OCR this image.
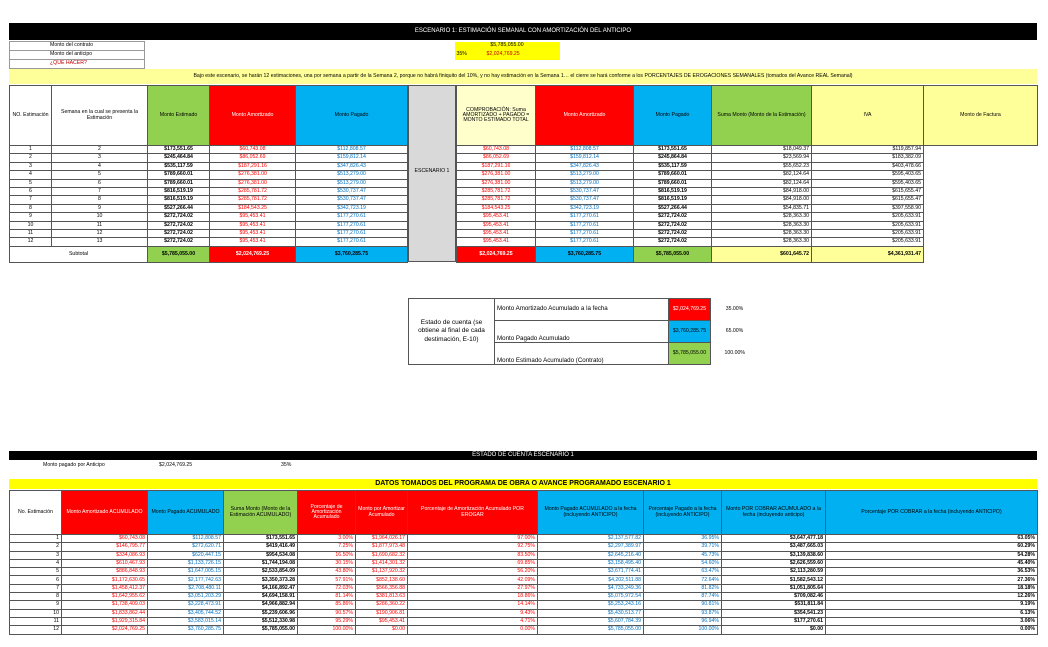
ESCENARIO 1: ESTIMACIÓN SEMANAL CON AMORTIZACIÓN DEL ANTICIPO
Monto del contrato		$5,785,055.00		
Monto del anticipo		35%	$2,024,769.25	
¿QUE HACER?				
Bajo este escenario, se harán 12 estimaciones, una por semana a partir de la Semana 2, porque no habrá finiquito del 10%, y no hay estimación en la Semana 1… el cierre se hará conforme a los PORCENTAJES DE EROGACIONES SEMANALES (tomados del Avance REAL Semanal)
NO. Estimación	Semana en la cual se presenta la Estimación	Monto Estimado	Monto Amortizado	Monto Pagado
1	2	$173,551.65	$60,743.08	$112,808.57
2	3	$245,464.84	$86,052.69	$159,812.14
3	4	$535,117.59	$187,291.16	$347,826.43
4	5	$789,660.01	$276,381.00	$513,279.00
5	6	$789,660.01	$276,381.00	$513,279.00
6	7	$816,519.19	$285,781.72	$530,737.47
7	8	$816,519.19	$285,781.72	$530,737.47
8	9	$527,266.44	$184,543.25	$342,723.19
9	10	$272,724.02	$95,453.41	$177,270.61
10	11	$272,724.02	$95,453.41	$177,270.61
11	12	$272,724.02	$95,453.41	$177,270.61
12	13	$272,724.02	$95,453.41	$177,270.61
Subtotal		$5,785,055.00	$2,024,769.25	$3,760,285.75
ESCENARIO 1
COMPROBACIÓN: Suma AMORTIZADO + PAGADO = MONTO ESTIMADO TOTAL	Monto Amortizado	Monto Pagado	Suma Monto (Monto de la Estimación)	IVA	Monto de Factura
$60,743.08	$112,808.57	$173,551.65	$18,049.37	$119,857.94	
$86,052.69	$159,812.14	$245,864.84	$23,569.94	$183,382.09	
$187,291.16	$347,826.43	$535,117.59	$55,652.23	$403,478.66	
$276,381.00	$513,279.00	$789,660.01	$82,124.64	$595,403.65	
$276,381.00	$513,279.00	$789,660.01	$82,124.64	$595,403.65	
$285,781.72	$530,737.47	$816,519.19	$84,918.00	$615,655.47	
$285,781.72	$530,737.47	$816,519.19	$84,918.00	$615,655.47	
$184,543.25	$342,723.19	$527,266.44	$54,835.71	$397,558.90	
$95,453.41	$177,270.61	$272,724.02	$28,363.30	$205,633.91	
$95,453.41	$177,270.61	$272,724.02	$28,363.30	$205,633.91	
$95,453.41	$177,270.61	$272,724.02	$28,363.30	$205,633.91	
$95,453.41	$177,270.61	$272,724.02	$28,363.30	$205,633.91	
$2,024,769.25	$3,760,285.75	$5,785,055.00	$601,645.72	$4,361,931.47	
Estado de cuenta (se obtiene al final de cada destimación, E-10)	Monto Amortizado Acumulado a la fecha	$2,024,769.25	35.00%
	Monto Pagado Acumulado	$3,760,285.75	65.00%
	Monto Estimado Acumulado (Contrato)	$5,785,055.00	100.00%
ESTADO DE CUENTA ESCENARIO 1
Monto pagado por Anticipo	$2,024,769.25	35%
DATOS TOMADOS DEL PROGRAMA DE OBRA O AVANCE PROGRAMADO ESCENARIO 1
No. Estimación	Monto Amortizado ACUMULADO	Monto Pagado ACUMULADO	Suma Monto (Monto de la Estimación ACUMULADO)	Porcentaje de Amortización Acumulado	Monto por Amortizar Acumulado	Porcentaje de Amortización Acumulado POR EROGAR	Monto Pagado ACUMULADO a la fecha (incluyendo ANTICIPO)	Porcentaje Pagado a la fecha (incluyendo ANTICIPO)	Monto POR COBRAR ACUMULADO a la fecha (incluyendo anticipo)	Porcentaje POR COBRAR a la fecha (incluyendo ANTICIPO)
1	$60,743.08	$112,808.57	$173,551.65	3.00%	$1,964,026.17	97.00%	$2,137,577.82	36.95%	$3,647,477.18	63.05%
2	$146,795.77	$272,620.71	$419,416.49	7.25%	$1,877,973.48	92.75%	$2,297,389.97	39.71%	$3,487,665.03	60.29%
3	$334,086.93	$620,447.15	$954,534.08	16.50%	$1,690,682.32	83.50%	$2,645,216.40	45.73%	$3,139,838.60	54.28%
4	$610,467.93	$1,133,726.15	$1,744,194.08	30.15%	$1,414,301.32	69.85%	$3,158,495.40	54.60%	$2,626,559.60	45.40%
5	$886,848.93	$1,647,005.15	$2,533,854.09	43.80%	$1,137,920.32	56.20%	$3,671,774.41	63.47%	$2,113,280.59	36.53%
6	$1,172,630.65	$2,177,742.63	$3,350,373.28	57.91%	$852,138.60	42.09%	$4,202,511.88	72.64%	$1,582,543.12	27.36%
7	$1,458,412.37	$2,708,480.11	$4,166,892.47	72.03%	$566,356.88	27.97%	$4,733,249.36	81.82%	$1,051,805.64	18.18%
8	$1,642,955.62	$3,051,203.29	$4,694,158.91	81.14%	$381,813.63	18.86%	$5,075,972.54	87.74%	$709,082.46	12.26%
9	$1,738,409.03	$3,228,473.91	$4,966,882.94	85.86%	$286,360.22	14.14%	$5,253,243.16	90.81%	$531,811.84	9.19%
10	$1,833,862.44	$3,405,744.52	$5,239,606.96	90.57%	$190,906.81	9.43%	$5,430,513.77	93.87%	$354,541.23	6.13%
11	$1,929,315.84	$3,583,015.14	$5,512,330.98	95.29%	$95,453.41	4.71%	$5,607,784.39	96.94%	$177,270.61	3.06%
12	$2,024,769.25	$3,760,285.75	$5,785,055.00	100.00%	$0.00	0.00%	$5,785,055.00	100.00%	$0.00	0.00%
